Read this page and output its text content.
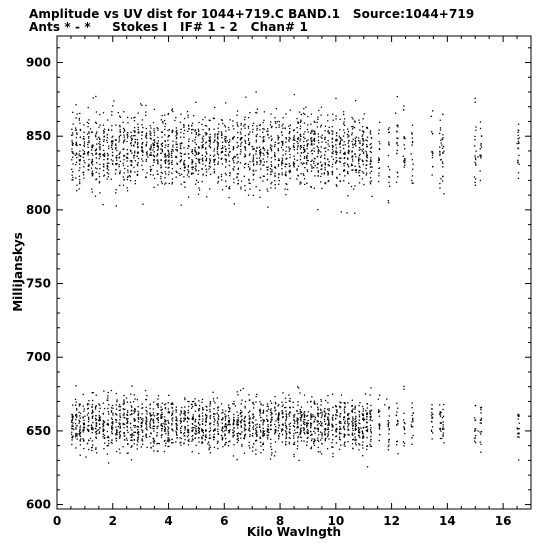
Amplitude vs UV dist for 1044+719.C BAND.1   Source:1044+719
Ants * - *     Stokes I   IF# 1 - 2   Chan# 1
0	2	4	6	8	10	12	14	16
600
650
700
750
800
850
900
Kilo Wavlngth
MilliJanskys
